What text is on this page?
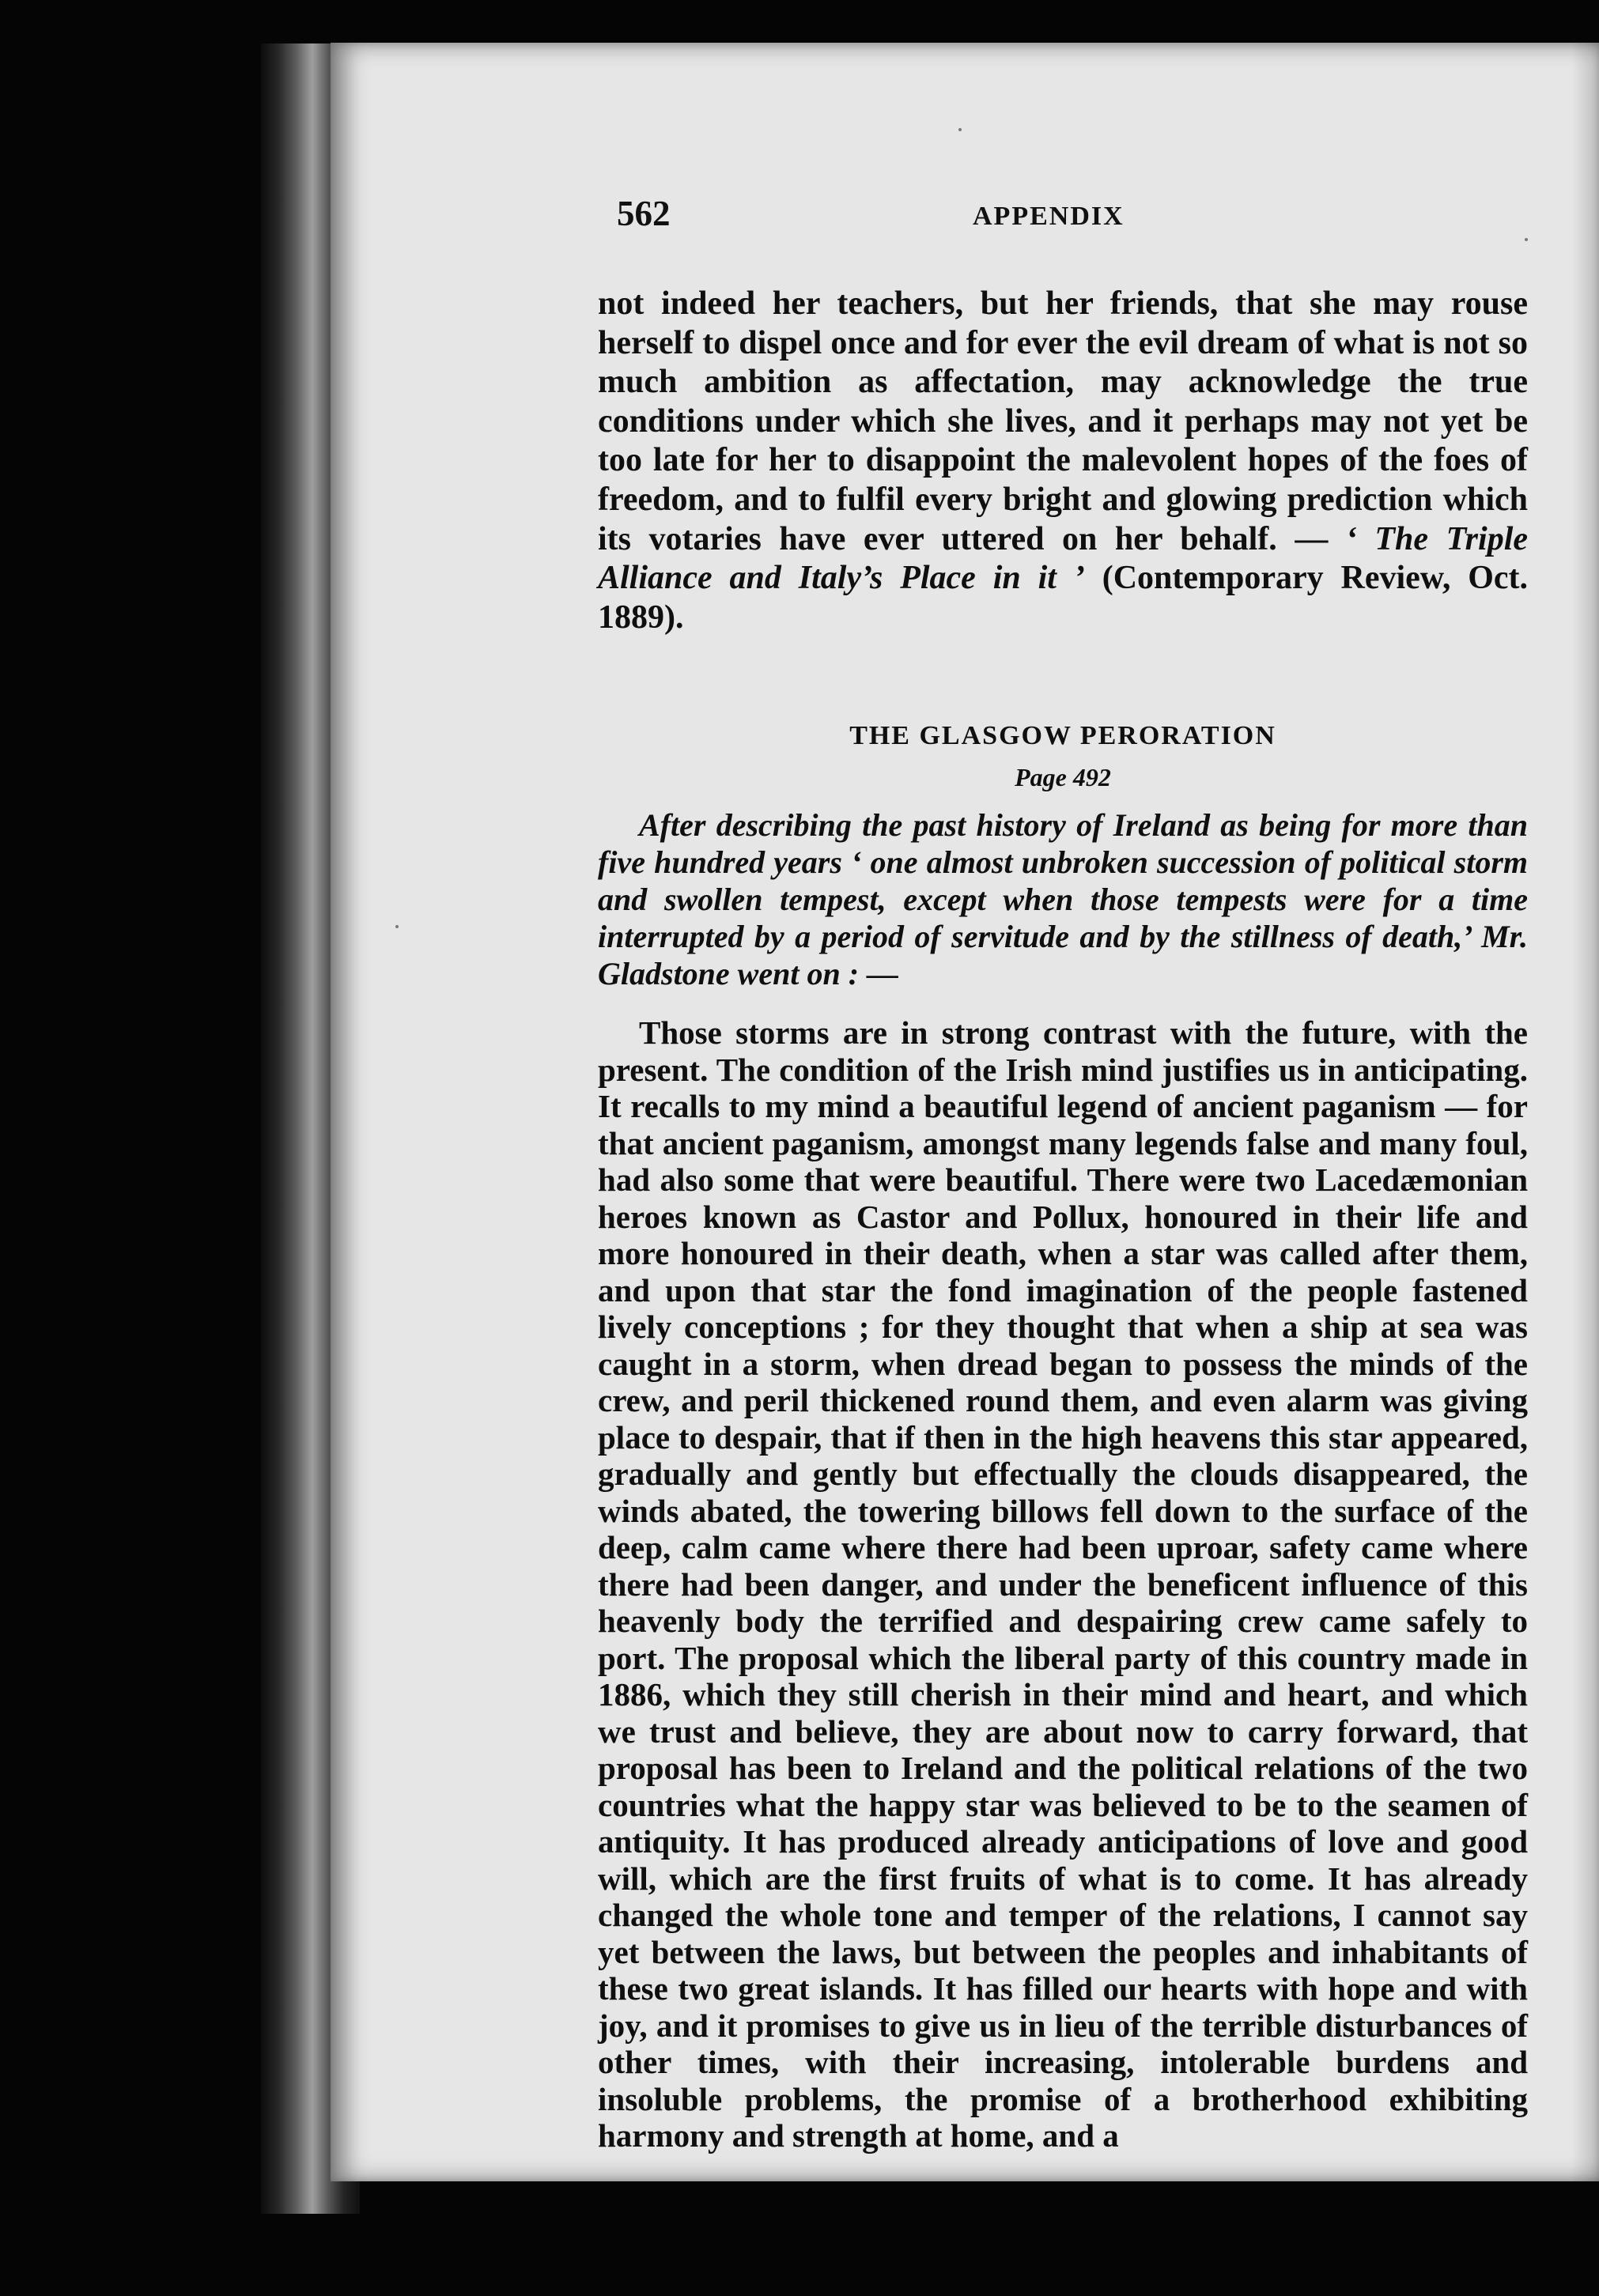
562	APPENDIX

not indeed her teachers, but her friends, that she may rouse herself to dispel once and for ever the evil dream of what is not so much ambition as affectation, may acknowledge the true conditions under which she lives, and it perhaps may not yet be too late for her to disappoint the malevolent hopes of the foes of freedom, and to fulfil every bright and glowing prediction which its votaries have ever uttered on her behalf. — ‘ The Triple Alliance and Italy’s Place in it ’ (Contemporary Review, Oct. 1889).

THE GLASGOW PERORATION
Page 492

After describing the past history of Ireland as being for more than five hundred years ‘ one almost unbroken succession of political storm and swollen tempest, except when those tempests were for a time interrupted by a period of servitude and by the stillness of death,’ Mr. Gladstone went on : —

Those storms are in strong contrast with the future, with the present. The condition of the Irish mind justifies us in anticipating. It recalls to my mind a beautiful legend of ancient paganism — for that ancient paganism, amongst many legends false and many foul, had also some that were beautiful. There were two Lacedæmonian heroes known as Castor and Pollux, honoured in their life and more honoured in their death, when a star was called after them, and upon that star the fond imagination of the people fastened lively conceptions ; for they thought that when a ship at sea was caught in a storm, when dread began to possess the minds of the crew, and peril thickened round them, and even alarm was giving place to despair, that if then in the high heavens this star appeared, gradually and gently but effectually the clouds disappeared, the winds abated, the towering billows fell down to the surface of the deep, calm came where there had been uproar, safety came where there had been danger, and under the beneficent influence of this heavenly body the terrified and despairing crew came safely to port. The proposal which the liberal party of this country made in 1886, which they still cherish in their mind and heart, and which we trust and believe, they are about now to carry forward, that proposal has been to Ireland and the political relations of the two countries what the happy star was believed to be to the seamen of antiquity. It has produced already anticipations of love and good will, which are the first fruits of what is to come. It has already changed the whole tone and temper of the relations, I cannot say yet between the laws, but between the peoples and inhabitants of these two great islands. It has filled our hearts with hope and with joy, and it promises to give us in lieu of the terrible disturbances of other times, with their increasing, intolerable burdens and insoluble problems, the promise of a brotherhood exhibiting harmony and strength at home, and a
